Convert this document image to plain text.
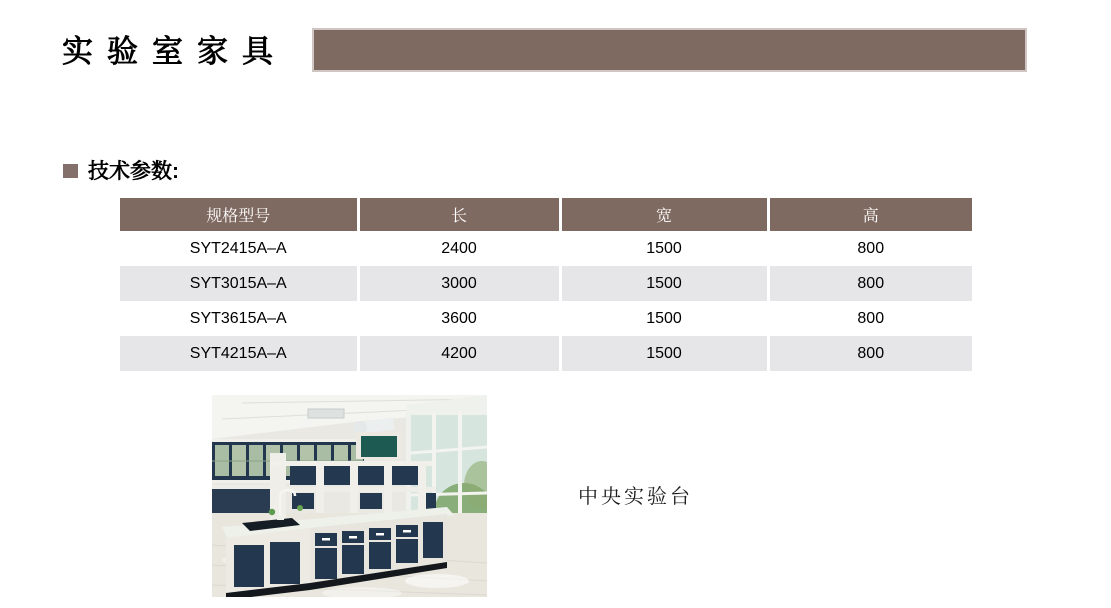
实验室家具
技术参数:
规格型号	长	宽	高
SYT2415A–A	2400	1500	800
SYT3015A–A	3000	1500	800
SYT3615A–A	3600	1500	800
SYT4215A–A	4200	1500	800
中央实验台
